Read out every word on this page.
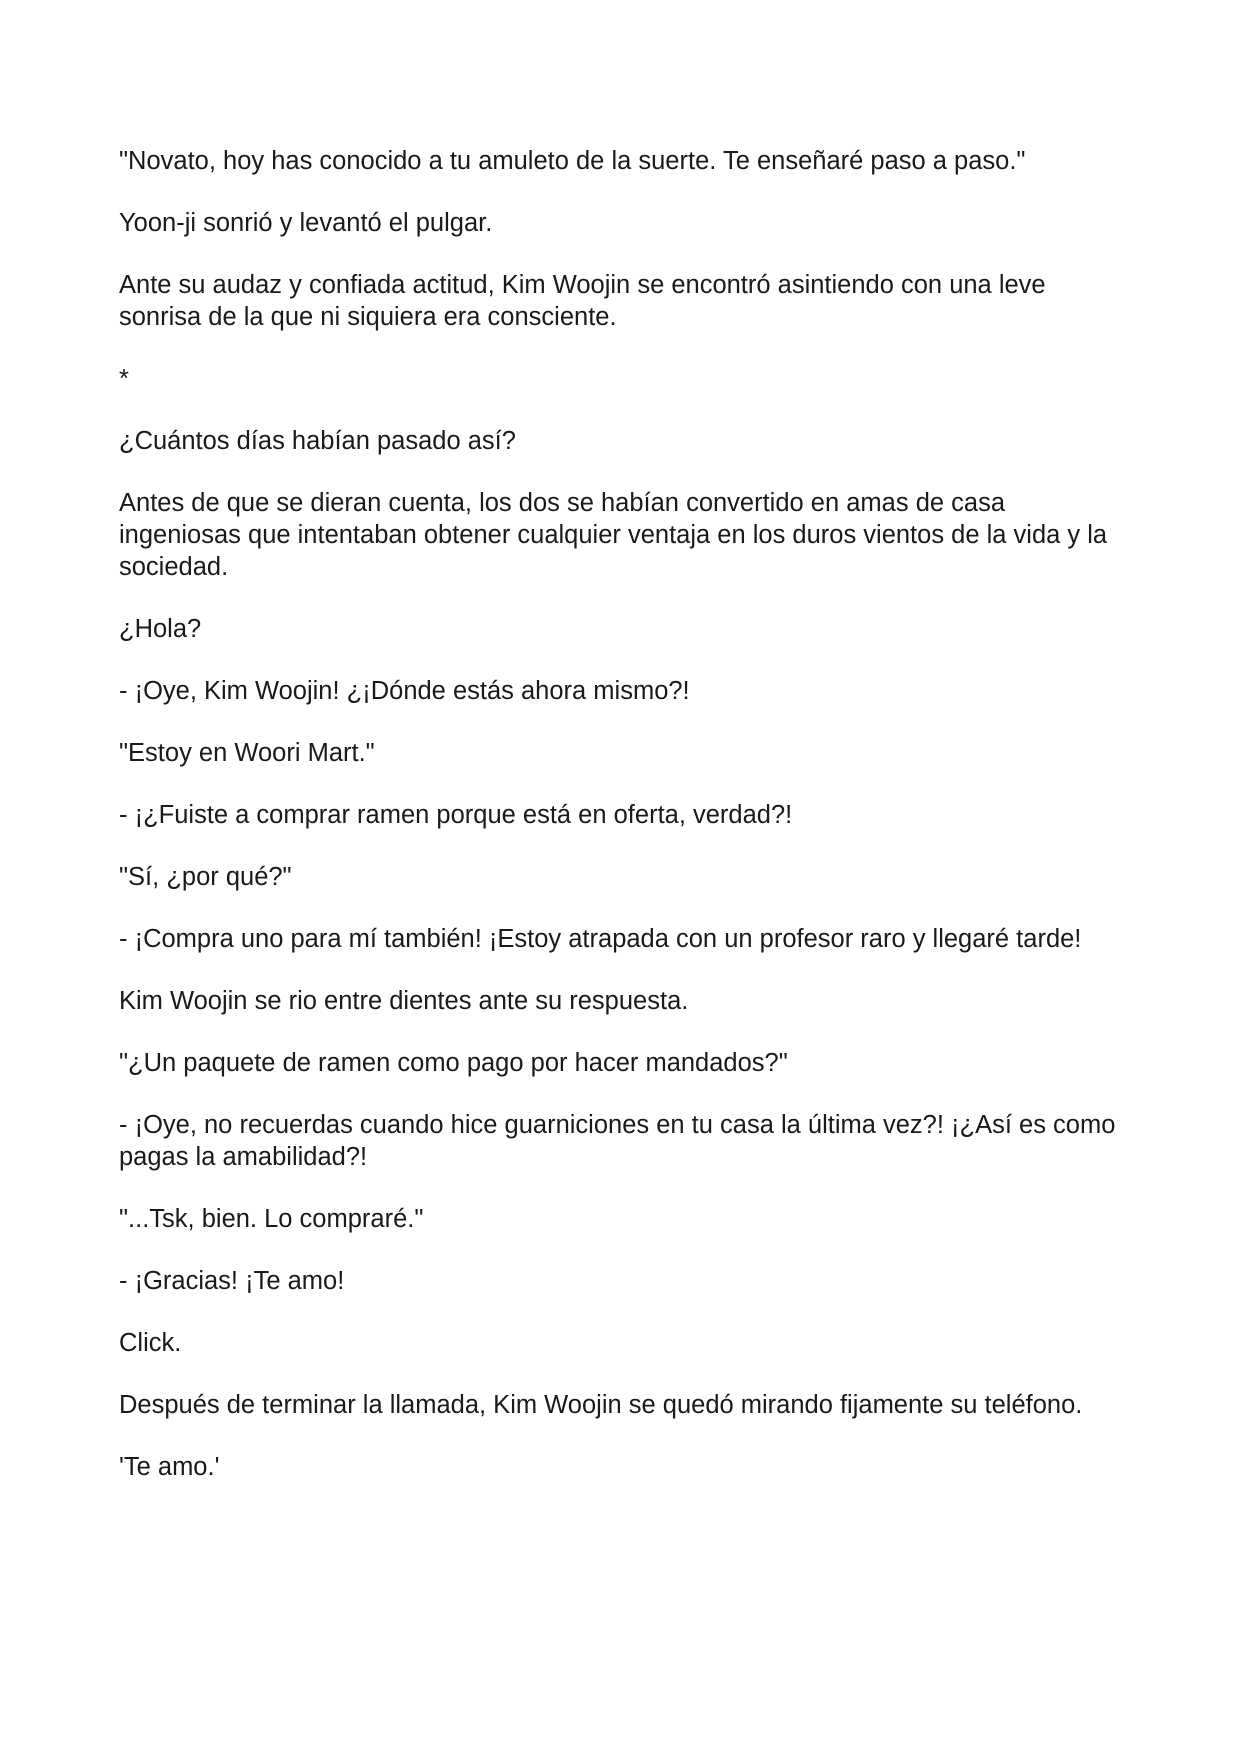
"Novato, hoy has conocido a tu amuleto de la suerte. Te enseñaré paso a paso."

Yoon-ji sonrió y levantó el pulgar.

Ante su audaz y confiada actitud, Kim Woojin se encontró asintiendo con una leve sonrisa de la que ni siquiera era consciente.

*

¿Cuántos días habían pasado así?

Antes de que se dieran cuenta, los dos se habían convertido en amas de casa ingeniosas que intentaban obtener cualquier ventaja en los duros vientos de la vida y la sociedad.

¿Hola?

- ¡Oye, Kim Woojin! ¿¡Dónde estás ahora mismo?!

"Estoy en Woori Mart."

- ¡¿Fuiste a comprar ramen porque está en oferta, verdad?!

"Sí, ¿por qué?"

- ¡Compra uno para mí también! ¡Estoy atrapada con un profesor raro y llegaré tarde!

Kim Woojin se rio entre dientes ante su respuesta.

"¿Un paquete de ramen como pago por hacer mandados?"

- ¡Oye, no recuerdas cuando hice guarniciones en tu casa la última vez?! ¡¿Así es como pagas la amabilidad?!

"...Tsk, bien. Lo compraré."

- ¡Gracias! ¡Te amo!

Click.

Después de terminar la llamada, Kim Woojin se quedó mirando fijamente su teléfono.

'Te amo.'
